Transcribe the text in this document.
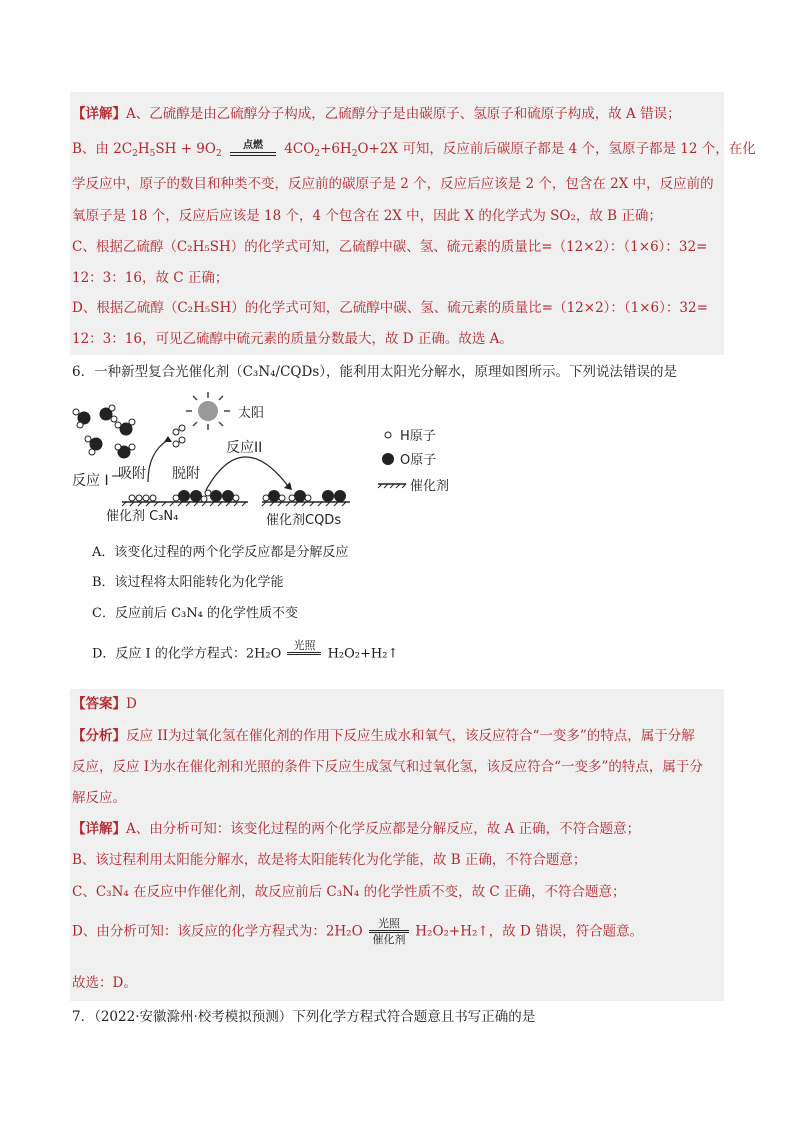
【详解】A、乙硫醇是由乙硫醇分子构成，乙硫醇分子是由碳原子、氢原子和硫原子构成，故 A 错误；
B、由 $2C_2H_5SH + 9O_2$
点燃	$4CO_2+6H_2O+2X$ 可知，反应前后碳原子都是 4 个，氢原子都是 12 个，在化
学反应中，原子的数目和种类不变，反应前的碳原子是 2 个，反应后应该是 2 个，包含在 2X 中，反应前的
氧原子是 18 个，反应后应该是 18 个，4 个包含在 2X 中，因此 X 的化学式为 SO₂，故 B 正确；
C、根据乙硫醇（C₂H₅SH）的化学式可知，乙硫醇中碳、氢、硫元素的质量比=（12×2）：（1×6）：32=
12：3：16，故 C 正确；
D、根据乙硫醇（C₂H₅SH）的化学式可知，乙硫醇中碳、氢、硫元素的质量比=（12×2）：（1×6）：32=
12：3：16，可见乙硫醇中硫元素的质量分数最大，故 D 正确。故选 A。
6．一种新型复合光催化剂（C₃N₄/CQDs），能利用太阳光分解水，原理如图所示。下列说法错误的是
太阳
反应 I 吸附 脱附
反应II
催化剂 C₃N₄	催化剂CQDs
H原子
O原子
催化剂
A．该变化过程的两个化学反应都是分解反应
B．该过程将太阳能转化为化学能
C．反应前后 C₃N₄ 的化学性质不变
D．反应 I 的化学方程式：2H₂O
光照

H₂O₂+H₂↑
【答案】D
【分析】反应 II为过氧化氢在催化剂的作用下反应生成水和氧气，该反应符合“一变多”的特点，属于分解
反应，反应 I为水在催化剂和光照的条件下反应生成氢气和过氧化氢，该反应符合“一变多”的特点，属于分
解反应。
【详解】A、由分析可知：该变化过程的两个化学反应都是分解反应，故 A 正确，不符合题意；
B、该过程利用太阳能分解水，故是将太阳能转化为化学能，故 B 正确，不符合题意；
C、C₃N₄ 在反应中作催化剂，故反应前后 C₃N₄ 的化学性质不变，故 C 正确，不符合题意；
D、由分析可知：该反应的化学方程式为：$2H_2O \frac{\text{光照}}{\text{催化剂}}$ H₂O₂+H₂↑，故 D 错误，符合题意。
故选：D。
7．（2022·安徽滁州·校考模拟预测）下列化学方程式符合题意且书写正确的是
